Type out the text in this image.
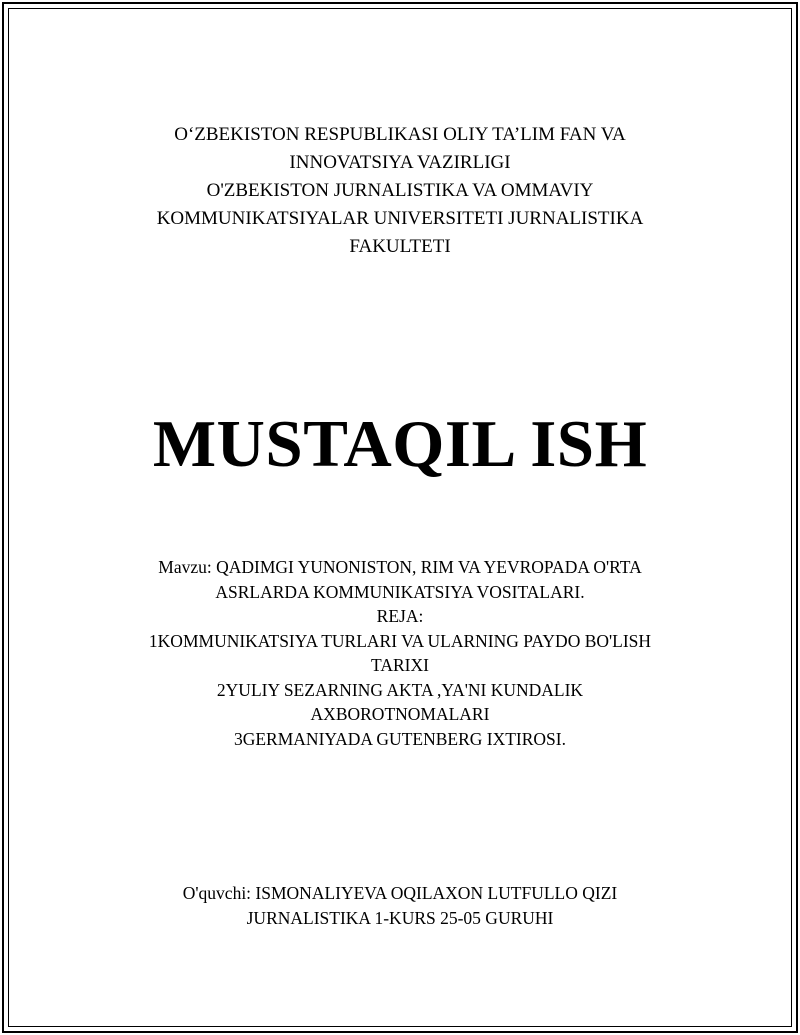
O‘ZBEKISTON RESPUBLIKASI OLIY TA’LIM FAN VA
INNOVATSIYA VAZIRLIGI
O'ZBEKISTON JURNALISTIKA VA OMMAVIY
KOMMUNIKATSIYALAR UNIVERSITETI JURNALISTIKA
FAKULTETI
MUSTAQIL ISH
Mavzu: QADIMGI YUNONISTON, RIM VA YEVROPADA O'RTA
ASRLARDA KOMMUNIKATSIYA VOSITALARI.
REJA:
1KOMMUNIKATSIYA TURLARI VA ULARNING PAYDO BO'LISH
TARIXI
2YULIY SEZARNING AKTA ,YA'NI KUNDALIK
AXBOROTNOMALARI
3GERMANIYADA GUTENBERG IXTIROSI.
O'quvchi: ISMONALIYEVA OQILAXON LUTFULLO QIZI
JURNALISTIKA 1-KURS 25-05 GURUHI
